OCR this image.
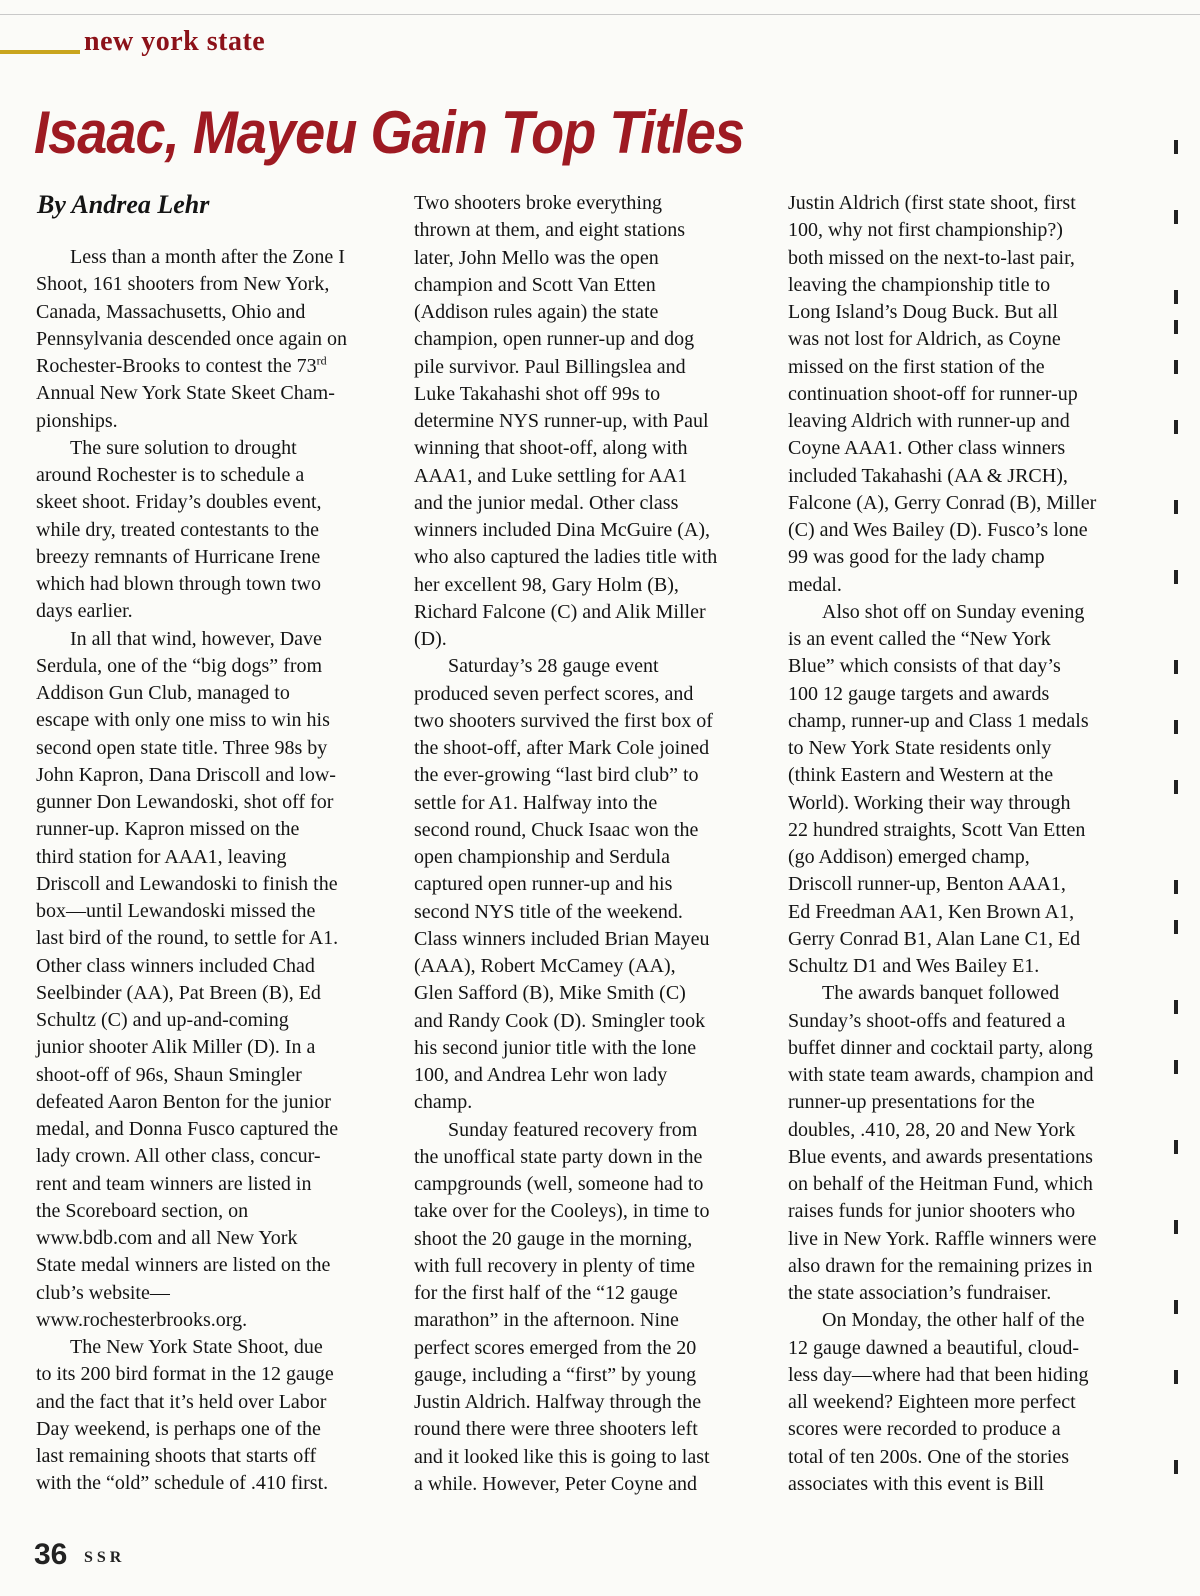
new york state
Isaac, Mayeu Gain Top Titles
By Andrea Lehr
Less than a month after the Zone I
Shoot, 161 shooters from New York,
Canada, Massachusetts, Ohio and
Pennsylvania descended once again on
Rochester-Brooks to contest the 73rd
Annual New York State Skeet Cham-
pionships.
The sure solution to drought
around Rochester is to schedule a
skeet shoot. Friday’s doubles event,
while dry, treated contestants to the
breezy remnants of Hurricane Irene
which had blown through town two
days earlier.
In all that wind, however, Dave
Serdula, one of the “big dogs” from
Addison Gun Club, managed to
escape with only one miss to win his
second open state title. Three 98s by
John Kapron, Dana Driscoll and low-
gunner Don Lewandoski, shot off for
runner-up. Kapron missed on the
third station for AAA1, leaving
Driscoll and Lewandoski to finish the
box—until Lewandoski missed the
last bird of the round, to settle for A1.
Other class winners included Chad
Seelbinder (AA), Pat Breen (B), Ed
Schultz (C) and up-and-coming
junior shooter Alik Miller (D). In a
shoot-off of 96s, Shaun Smingler
defeated Aaron Benton for the junior
medal, and Donna Fusco captured the
lady crown. All other class, concur-
rent and team winners are listed in
the Scoreboard section, on
www.bdb.com and all New York
State medal winners are listed on the
club’s website—
www.rochesterbrooks.org.
The New York State Shoot, due
to its 200 bird format in the 12 gauge
and the fact that it’s held over Labor
Day weekend, is perhaps one of the
last remaining shoots that starts off
with the “old” schedule of .410 first.
Two shooters broke everything
thrown at them, and eight stations
later, John Mello was the open
champion and Scott Van Etten
(Addison rules again) the state
champion, open runner-up and dog
pile survivor. Paul Billingslea and
Luke Takahashi shot off 99s to
determine NYS runner-up, with Paul
winning that shoot-off, along with
AAA1, and Luke settling for AA1
and the junior medal. Other class
winners included Dina McGuire (A),
who also captured the ladies title with
her excellent 98, Gary Holm (B),
Richard Falcone (C) and Alik Miller
(D).
Saturday’s 28 gauge event
produced seven perfect scores, and
two shooters survived the first box of
the shoot-off, after Mark Cole joined
the ever-growing “last bird club” to
settle for A1. Halfway into the
second round, Chuck Isaac won the
open championship and Serdula
captured open runner-up and his
second NYS title of the weekend.
Class winners included Brian Mayeu
(AAA), Robert McCamey (AA),
Glen Safford (B), Mike Smith (C)
and Randy Cook (D). Smingler took
his second junior title with the lone
100, and Andrea Lehr won lady
champ.
Sunday featured recovery from
the unoffical state party down in the
campgrounds (well, someone had to
take over for the Cooleys), in time to
shoot the 20 gauge in the morning,
with full recovery in plenty of time
for the first half of the “12 gauge
marathon” in the afternoon. Nine
perfect scores emerged from the 20
gauge, including a “first” by young
Justin Aldrich. Halfway through the
round there were three shooters left
and it looked like this is going to last
a while. However, Peter Coyne and
Justin Aldrich (first state shoot, first
100, why not first championship?)
both missed on the next-to-last pair,
leaving the championship title to
Long Island’s Doug Buck. But all
was not lost for Aldrich, as Coyne
missed on the first station of the
continuation shoot-off for runner-up
leaving Aldrich with runner-up and
Coyne AAA1. Other class winners
included Takahashi (AA & JRCH),
Falcone (A), Gerry Conrad (B), Miller
(C) and Wes Bailey (D). Fusco’s lone
99 was good for the lady champ
medal.
Also shot off on Sunday evening
is an event called the “New York
Blue” which consists of that day’s
100 12 gauge targets and awards
champ, runner-up and Class 1 medals
to New York State residents only
(think Eastern and Western at the
World). Working their way through
22 hundred straights, Scott Van Etten
(go Addison) emerged champ,
Driscoll runner-up, Benton AAA1,
Ed Freedman AA1, Ken Brown A1,
Gerry Conrad B1, Alan Lane C1, Ed
Schultz D1 and Wes Bailey E1.
The awards banquet followed
Sunday’s shoot-offs and featured a
buffet dinner and cocktail party, along
with state team awards, champion and
runner-up presentations for the
doubles, .410, 28, 20 and New York
Blue events, and awards presentations
on behalf of the Heitman Fund, which
raises funds for junior shooters who
live in New York. Raffle winners were
also drawn for the remaining prizes in
the state association’s fundraiser.
On Monday, the other half of the
12 gauge dawned a beautiful, cloud-
less day—where had that been hiding
all weekend? Eighteen more perfect
scores were recorded to produce a
total of ten 200s. One of the stories
associates with this event is Bill
36 SSR
